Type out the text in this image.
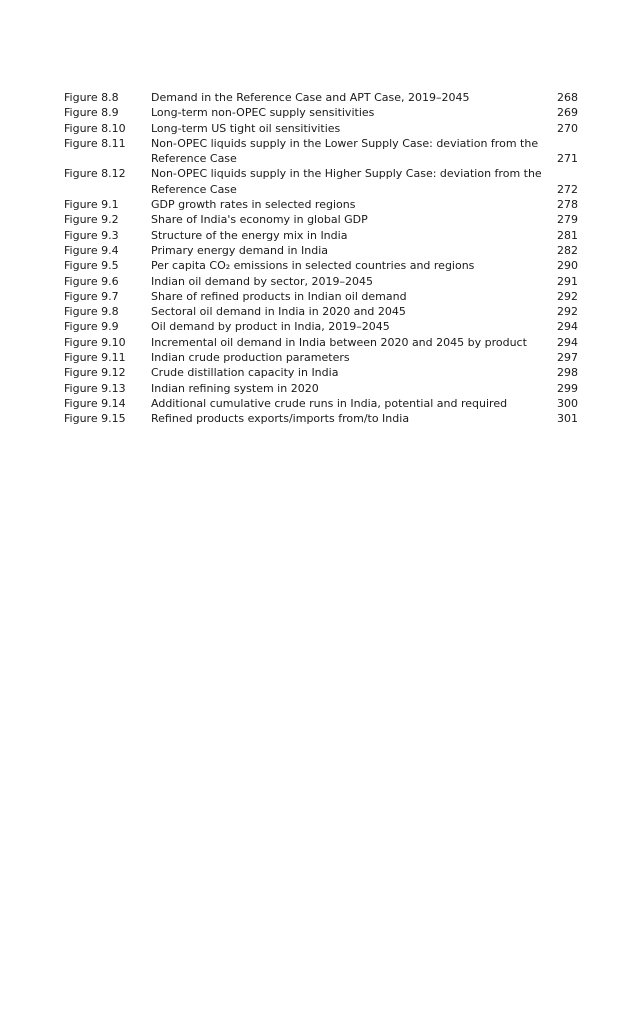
Figure 8.8	Demand in the Reference Case and APT Case, 2019–2045	268
Figure 8.9	Long-term non-OPEC supply sensitivities	269
Figure 8.10	Long-term US tight oil sensitivities	270
Figure 8.11	Non-OPEC liquids supply in the Lower Supply Case: deviation from the
Reference Case	271
Figure 8.12	Non-OPEC liquids supply in the Higher Supply Case: deviation from the
Reference Case	272
Figure 9.1	GDP growth rates in selected regions	278
Figure 9.2	Share of India's economy in global GDP	279
Figure 9.3	Structure of the energy mix in India	281
Figure 9.4	Primary energy demand in India	282
Figure 9.5	Per capita CO₂ emissions in selected countries and regions	290
Figure 9.6	Indian oil demand by sector, 2019–2045	291
Figure 9.7	Share of refined products in Indian oil demand	292
Figure 9.8	Sectoral oil demand in India in 2020 and 2045	292
Figure 9.9	Oil demand by product in India, 2019–2045	294
Figure 9.10	Incremental oil demand in India between 2020 and 2045 by product	294
Figure 9.11	Indian crude production parameters	297
Figure 9.12	Crude distillation capacity in India	298
Figure 9.13	Indian refining system in 2020	299
Figure 9.14	Additional cumulative crude runs in India, potential and required	300
Figure 9.15	Refined products exports/imports from/to India	301
